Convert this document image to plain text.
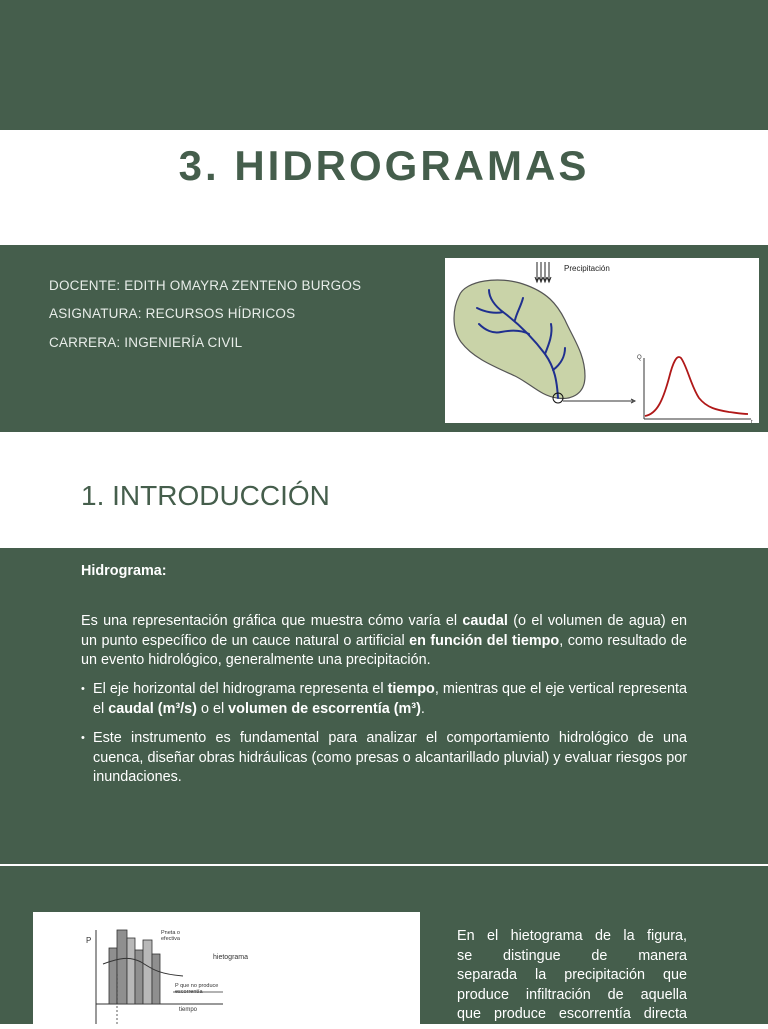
3. HIDROGRAMAS
DOCENTE: EDITH OMAYRA ZENTENO BURGOS
ASIGNATURA: RECURSOS HÍDRICOS
CARRERA: INGENIERÍA CIVIL
Precipitación
Q
t
1. INTRODUCCIÓN
Hidrograma:
Es una representación gráfica que muestra cómo varía el caudal (o el volumen de agua) en un punto específico de un cauce natural o artificial en función del tiempo, como resultado de un evento hidrológico, generalmente una precipitación.
• El eje horizontal del hidrograma representa el tiempo, mientras que el eje vertical representa el caudal (m³/s) o el volumen de escorrentía (m³).
• Este instrumento es fundamental para analizar el comportamiento hidrológico de una cuenca, diseñar obras hidráulicas (como presas o alcantarillado pluvial) y evaluar riesgos por inundaciones.
P
Pneta o
efectiva
hietograma
P que no produce
escorrentía
tiempo
En el hietograma de la figura,
se distingue de manera
separada la precipitación que
produce infiltración de aquella
que produce escorrentía directa
